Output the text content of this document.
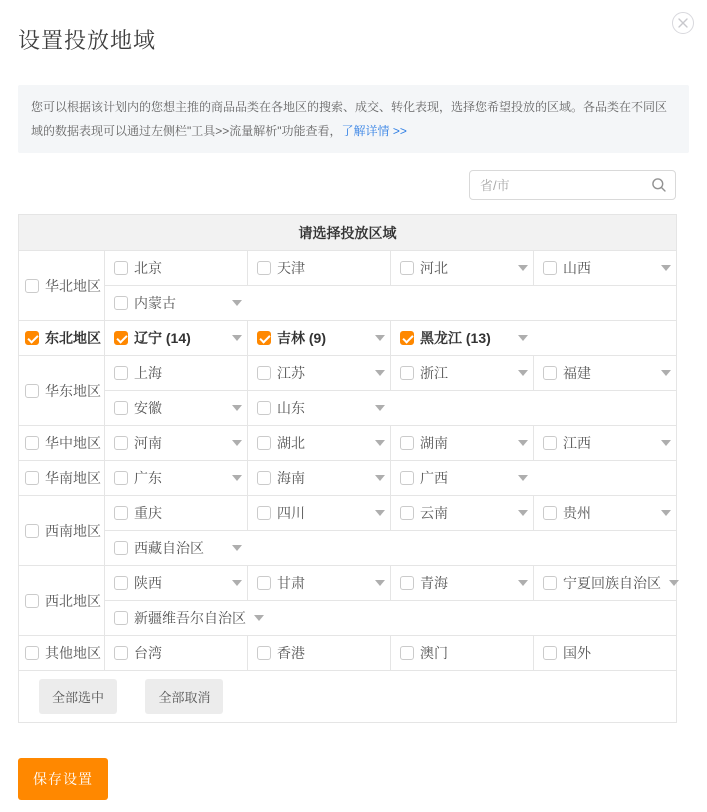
设置投放地域
您可以根据该计划内的您想主推的商品品类在各地区的搜索、成交、转化表现，选择您希望投放的区域。各品类在不同区域的数据表现可以通过左侧栏"工具>>流量解析"功能查看，了解详情 >>
省/市
请选择投放区域				

华北地区	北京	天津	河北	山西

	内蒙古			

东北地区	辽宁 (14)	吉林 (9)	黑龙江 (13)	

华东地区	上海	江苏	浙江	福建

	安徽	山东		

华中地区	河南	湖北	湖南	江西

华南地区	广东	海南	广西	

西南地区	重庆	四川	云南	贵州

	西藏自治区			

西北地区	陕西	甘肃	青海	宁夏回族自治区

	新疆维吾尔自治区			

其他地区	台湾	香港	澳门	国外

全部选中 全部取消				
保存设置
